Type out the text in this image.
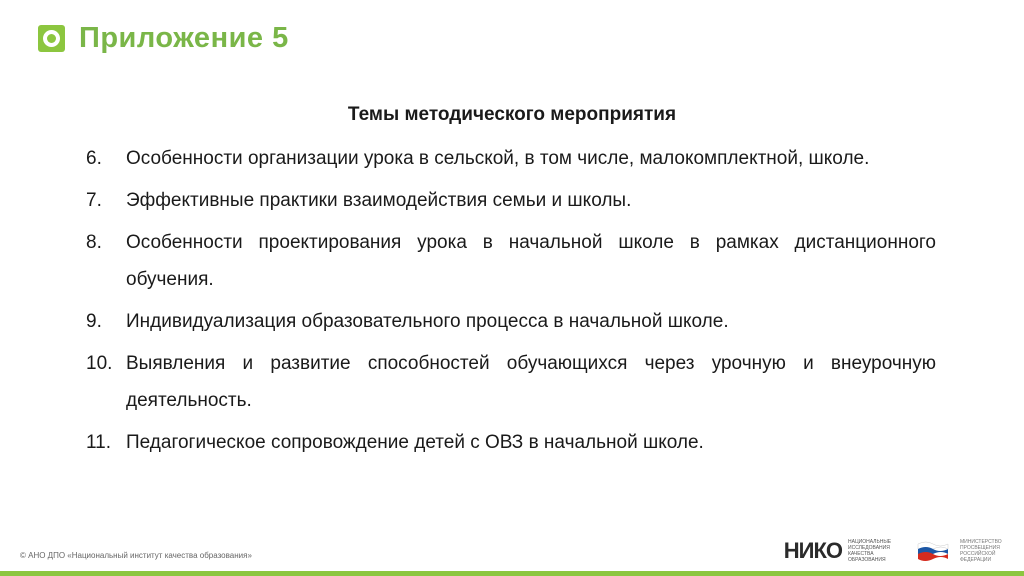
Приложение 5
Темы методического мероприятия
6.	Особенности организации урока в сельской, в том числе, малокомплектной, школе.
7.	Эффективные практики взаимодействия семьи и школы.
8.	Особенности проектирования урока в начальной школе в рамках дистанционного обучения.
9.	Индивидуализация образовательного процесса в начальной школе.
10. Выявления и развитие способностей обучающихся через урочную и внеурочную деятельность.
11. Педагогическое сопровождение детей с ОВЗ в начальной школе.
© АНО ДПО «Национальный институт качества образования»	НИКО НАЦИОНАЛЬНЫЕ ИССЛЕДОВАНИЯ КАЧЕСТВА ОБРАЗОВАНИЯ
МИНИСТЕРСТВО ПРОСВЕЩЕНИЯ РОССИЙСКОЙ ФЕДЕРАЦИИ
